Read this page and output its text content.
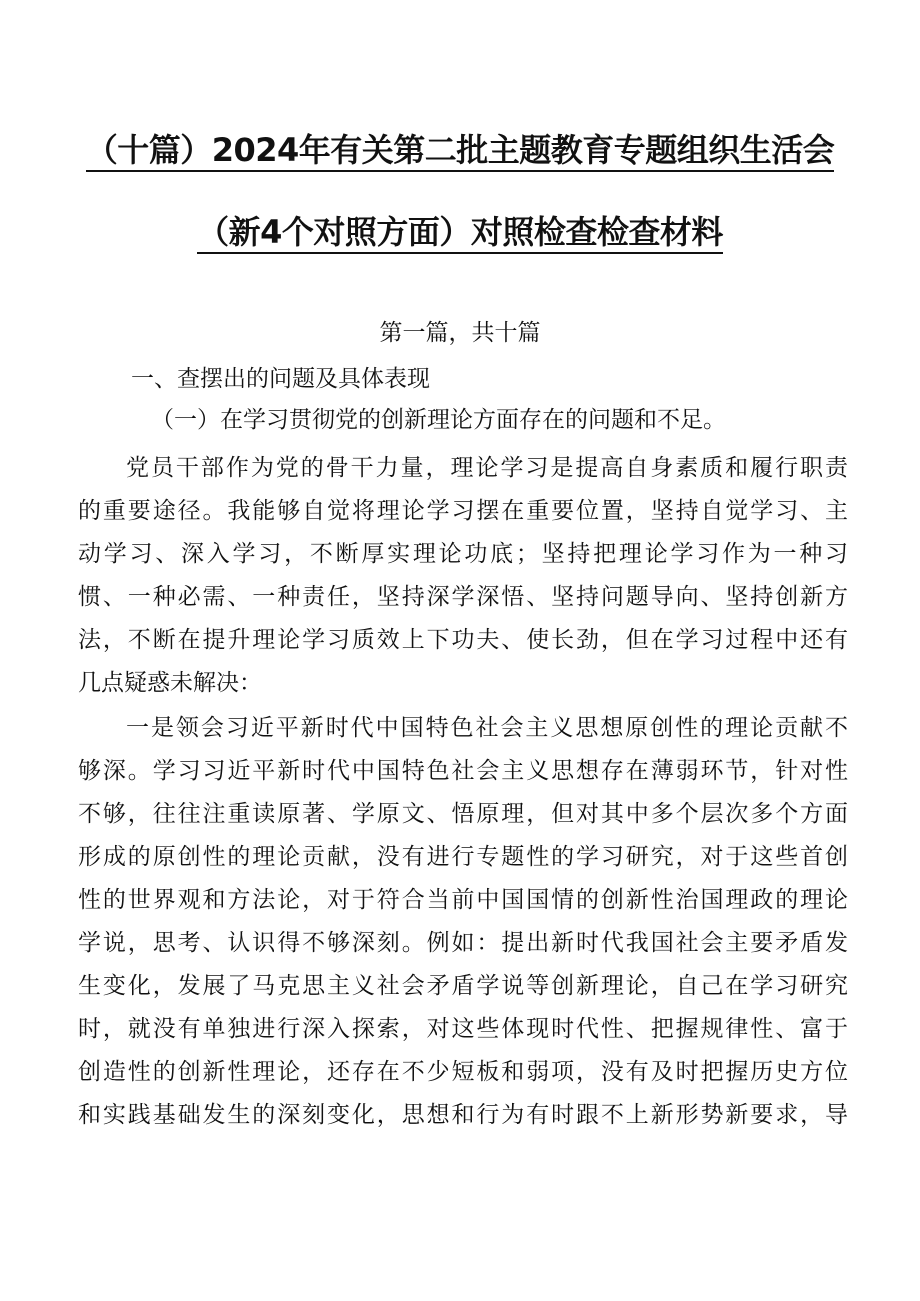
（十篇）2024年有关第二批主题教育专题组织生活会
（新4个对照方面）对照检查检查材料
第一篇，共十篇
一、查摆出的问题及具体表现
（一）在学习贯彻党的创新理论方面存在的问题和不足。
党员干部作为党的骨干力量，理论学习是提高自身素质和履行职责
的重要途径。我能够自觉将理论学习摆在重要位置，坚持自觉学习、主
动学习、深入学习，不断厚实理论功底；坚持把理论学习作为一种习
惯、一种必需、一种责任，坚持深学深悟、坚持问题导向、坚持创新方
法，不断在提升理论学习质效上下功夫、使长劲，但在学习过程中还有
几点疑惑未解决：
一是领会习近平新时代中国特色社会主义思想原创性的理论贡献不
够深。学习习近平新时代中国特色社会主义思想存在薄弱环节，针对性
不够，往往注重读原著、学原文、悟原理，但对其中多个层次多个方面
形成的原创性的理论贡献，没有进行专题性的学习研究，对于这些首创
性的世界观和方法论，对于符合当前中国国情的创新性治国理政的理论
学说，思考、认识得不够深刻。例如：提出新时代我国社会主要矛盾发
生变化，发展了马克思主义社会矛盾学说等创新理论，自己在学习研究
时，就没有单独进行深入探索，对这些体现时代性、把握规律性、富于
创造性的创新性理论，还存在不少短板和弱项，没有及时把握历史方位
和实践基础发生的深刻变化，思想和行为有时跟不上新形势新要求，导
